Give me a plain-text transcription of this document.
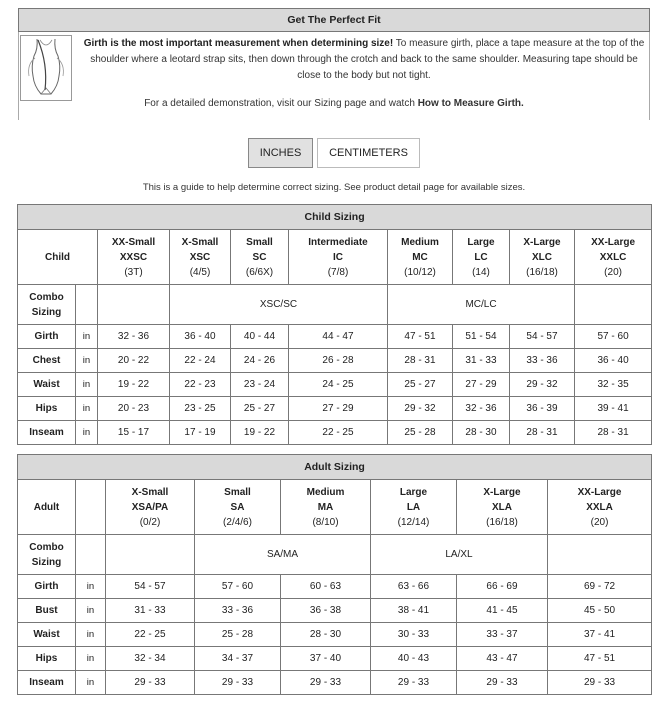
Get The Perfect Fit
Girth is the most important measurement when determining size! To measure girth, place a tape measure at the top of the shoulder where a leotard strap sits, then down through the crotch and back to the same shoulder. Measuring tape should be close to the body but not tight.
For a detailed demonstration, visit our Sizing page and watch How to Measure Girth.
INCHES	CENTIMETERS
This is a guide to help determine correct sizing. See product detail page for available sizes.
Child Sizing										
Child		XX-Small
XXSC
(3T)	X-Small
XSC
(4/5)	Small
SC
(6/6X)	Intermediate
IC
(7/8)	Medium
MC
(10/12)	Large
LC
(14)	X-Large
XLC
(16/18)	XX-Large
XXLC
(20)	

Combo
Sizing			XSC/SC			MC/LC				
Girth	in	32 - 36	36 - 40	40 - 44	44 - 47	47 - 51	51 - 54	54 - 57	57 - 60	
Chest	in	20 - 22	22 - 24	24 - 26	26 - 28	28 - 31	31 - 33	33 - 36	36 - 40	
Waist	in	19 - 22	22 - 23	23 - 24	24 - 25	25 - 27	27 - 29	29 - 32	32 - 35	
Hips	in	20 - 23	23 - 25	25 - 27	27 - 29	29 - 32	32 - 36	36 - 39	39 - 41	
Inseam	in	15 - 17	17 - 19	19 - 22	22 - 25	25 - 28	28 - 30	28 - 31	28 - 31	
Adult Sizing							
Adult		X-Small
XSA/PA
(0/2)	Small
SA
(2/4/6)	Medium
MA
(8/10)	Large
LA
(12/14)	X-Large
XLA
(16/18)	XX-Large
XXLA
(20)

Combo
Sizing			SA/MA		LA/XL		
Girth	in	54 - 57	57 - 60	60 - 63	63 - 66	66 - 69	69 - 72
Bust	in	31 - 33	33 - 36	36 - 38	38 - 41	41 - 45	45 - 50
Waist	in	22 - 25	25 - 28	28 - 30	30 - 33	33 - 37	37 - 41
Hips	in	32 - 34	34 - 37	37 - 40	40 - 43	43 - 47	47 - 51
Inseam	in	29 - 33	29 - 33	29 - 33	29 - 33	29 - 33	29 - 33
